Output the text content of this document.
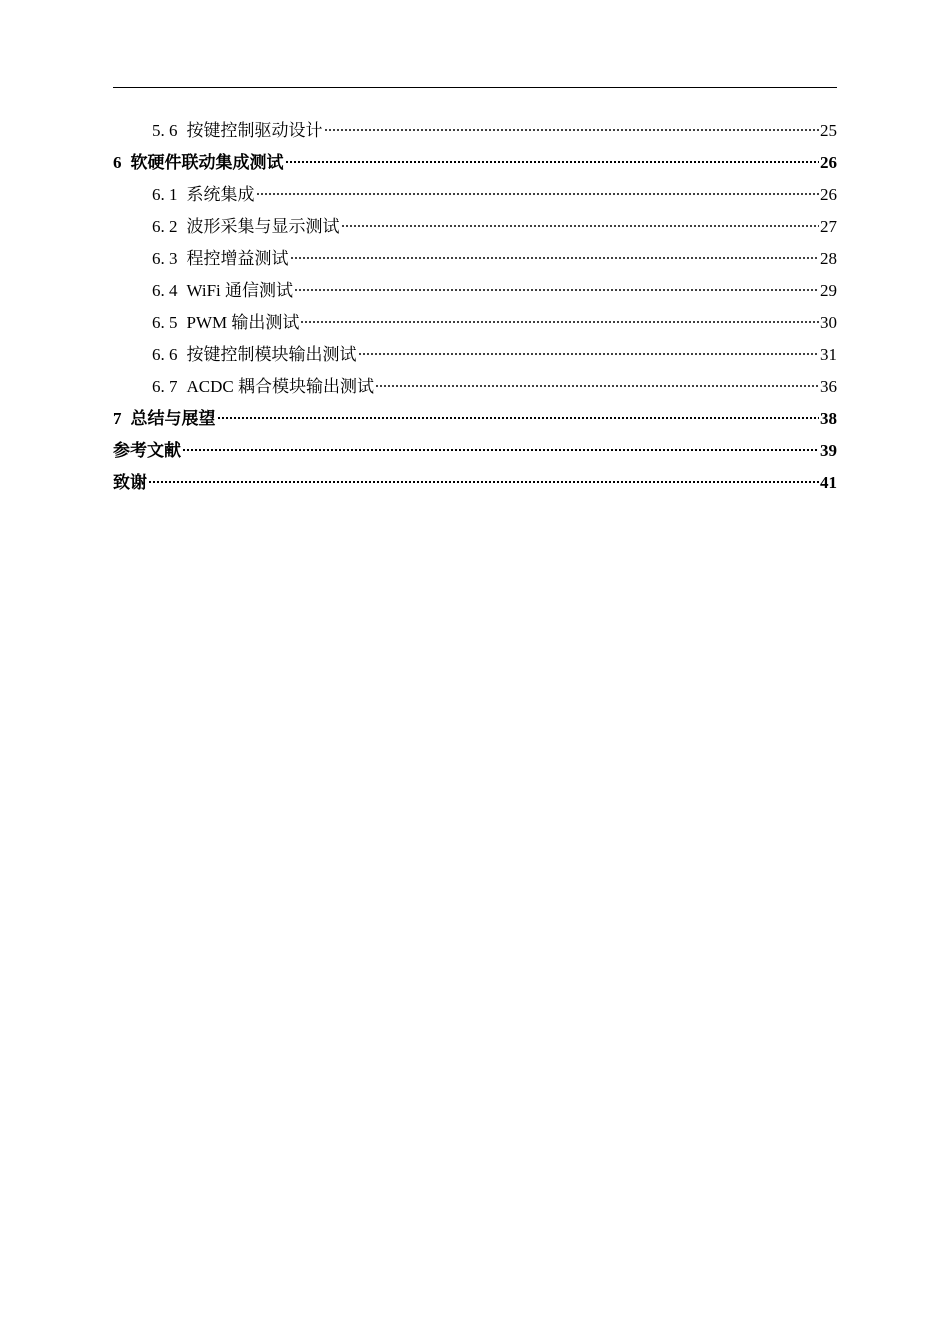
5. 6 按键控制驱动设计	25
6 软硬件联动集成测试	26
6. 1 系统集成	26
6. 2 波形采集与显示测试	27
6. 3 程控增益测试	28
6. 4 WiFi 通信测试	29
6. 5 PWM 输出测试	30
6. 6 按键控制模块输出测试	31
6. 7 ACDC 耦合模块输出测试	36
7 总结与展望	38
参考文献	39
致谢	41
